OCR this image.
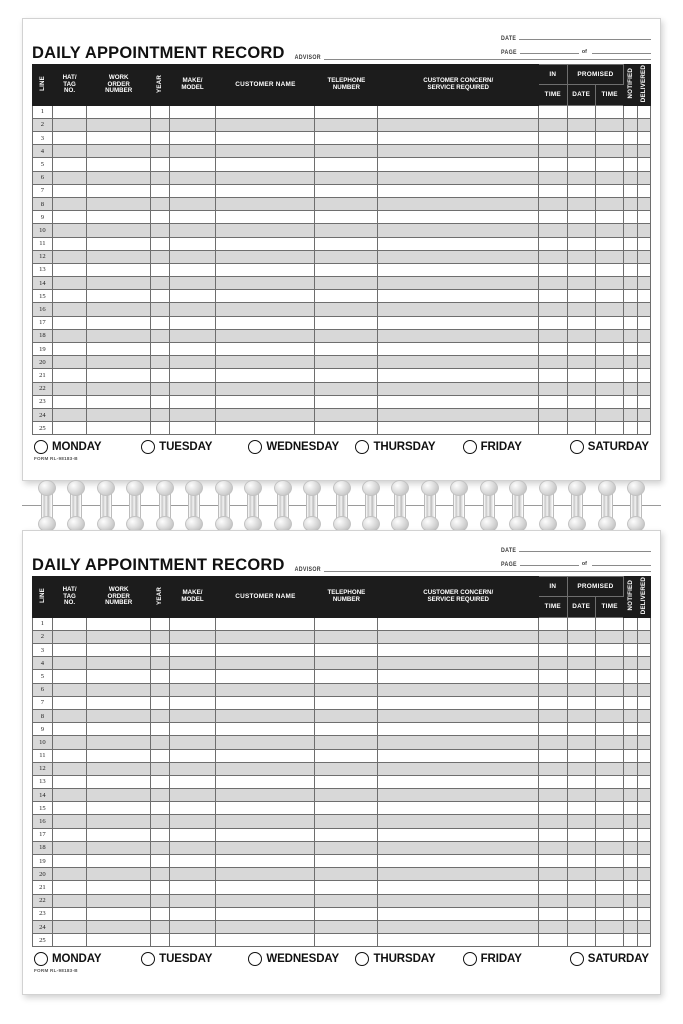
DAILY APPOINTMENT RECORD ADVISOR
DATE
PAGE	of
LINE	HAT/
TAG
NO.	WORK
ORDER
NUMBER	YEAR	MAKE/
MODEL	CUSTOMER NAME	TELEPHONE
NUMBER	CUSTOMER CONCERN/
SERVICE REQUIRED	IN	PROMISED		NOTIFIED	DELIVERED
								TIME	DATE	TIME		
1												
2												
3												
4												
5												
6												
7												
8												
9												
10												
11												
12												
13												
14												
15												
16												
17												
18												
19												
20												
21												
22												
23												
24												
25												
MONDAY	TUESDAY	WEDNESDAY	THURSDAY	FRIDAY	SATURDAY
FORM RL-98183-B
DAILY APPOINTMENT RECORD ADVISOR
DATE
PAGE	of
LINE	HAT/
TAG
NO.	WORK
ORDER
NUMBER	YEAR	MAKE/
MODEL	CUSTOMER NAME	TELEPHONE
NUMBER	CUSTOMER CONCERN/
SERVICE REQUIRED	IN	PROMISED		NOTIFIED	DELIVERED
								TIME	DATE	TIME		
1												
2												
3												
4												
5												
6												
7												
8												
9												
10												
11												
12												
13												
14												
15												
16												
17												
18												
19												
20												
21												
22												
23												
24												
25												
MONDAY	TUESDAY	WEDNESDAY	THURSDAY	FRIDAY	SATURDAY
FORM RL-98183-B
